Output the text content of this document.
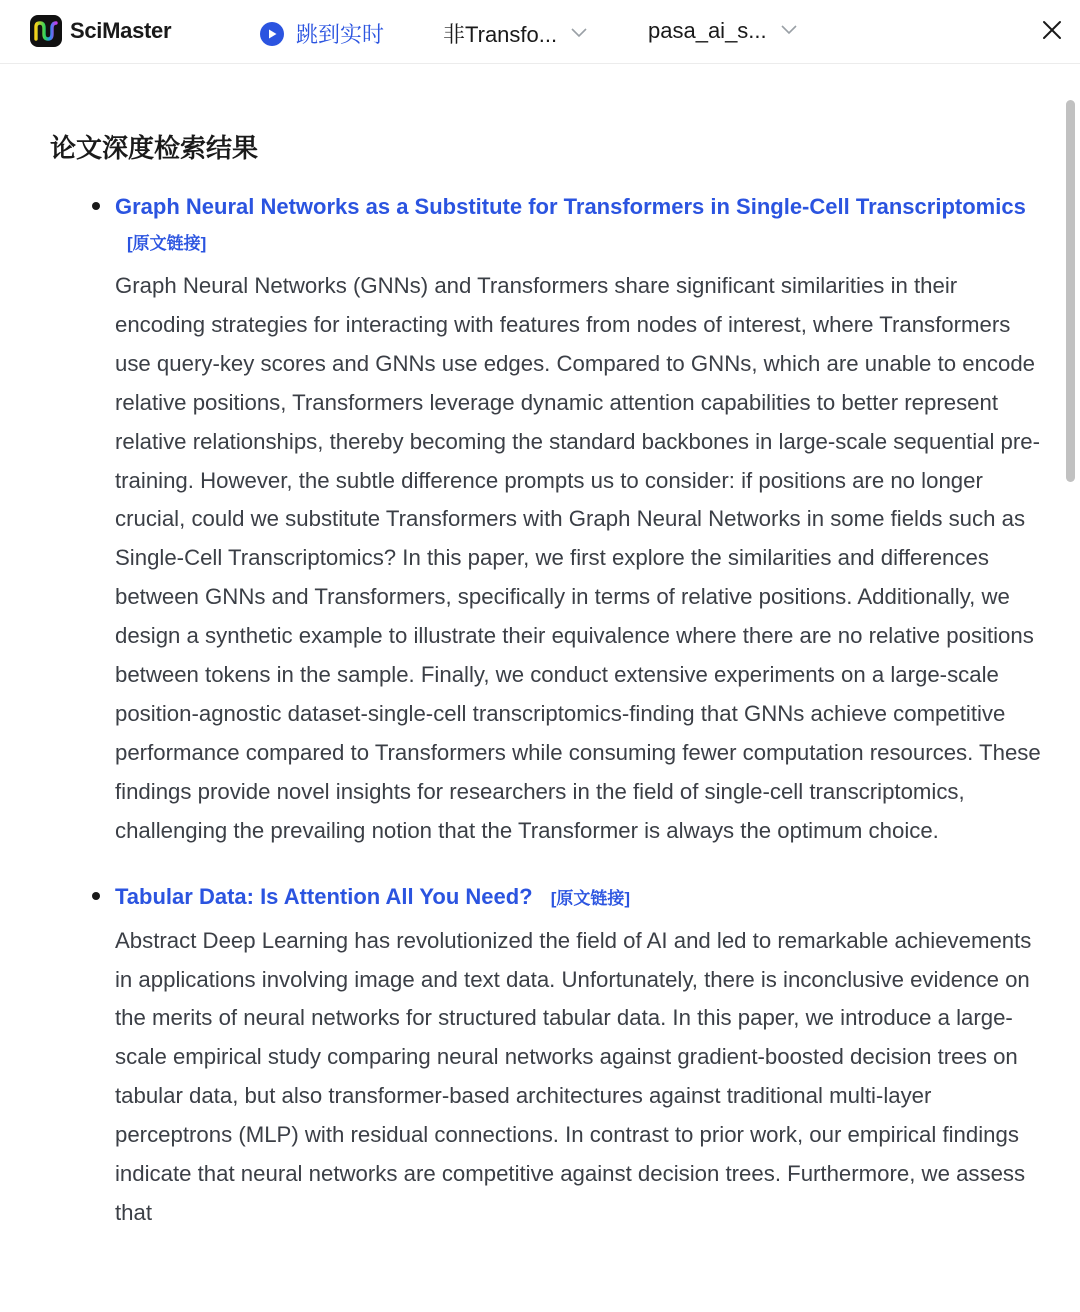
SciMaster	跳到实时	非Transfo...	pasa_ai_s...
论文深度检索结果
Graph Neural Networks as a Substitute for Transformers in Single-Cell Transcriptomics [原文链接]

Graph Neural Networks (GNNs) and Transformers share significant similarities in their encoding strategies for interacting with features from nodes of interest, where Transformers use query-key scores and GNNs use edges. Compared to GNNs, which are unable to encode relative positions, Transformers leverage dynamic attention capabilities to better represent relative relationships, thereby becoming the standard backbones in large-scale sequential pre-training. However, the subtle difference prompts us to consider: if positions are no longer crucial, could we substitute Transformers with Graph Neural Networks in some fields such as Single-Cell Transcriptomics? In this paper, we first explore the similarities and differences between GNNs and Transformers, specifically in terms of relative positions. Additionally, we design a synthetic example to illustrate their equivalence where there are no relative positions between tokens in the sample. Finally, we conduct extensive experiments on a large-scale position-agnostic dataset-single-cell transcriptomics-finding that GNNs achieve competitive performance compared to Transformers while consuming fewer computation resources. These findings provide novel insights for researchers in the field of single-cell transcriptomics, challenging the prevailing notion that the Transformer is always the optimum choice.

Tabular Data: Is Attention All You Need? [原文链接]

Abstract Deep Learning has revolutionized the field of AI and led to remarkable achievements in applications involving image and text data. Unfortunately, there is inconclusive evidence on the merits of neural networks for structured tabular data. In this paper, we introduce a large-scale empirical study comparing neural networks against gradient-boosted decision trees on tabular data, but also transformer-based architectures against traditional multi-layer perceptrons (MLP) with residual connections. In contrast to prior work, our empirical findings indicate that neural networks are competitive against decision trees. Furthermore, we assess that
